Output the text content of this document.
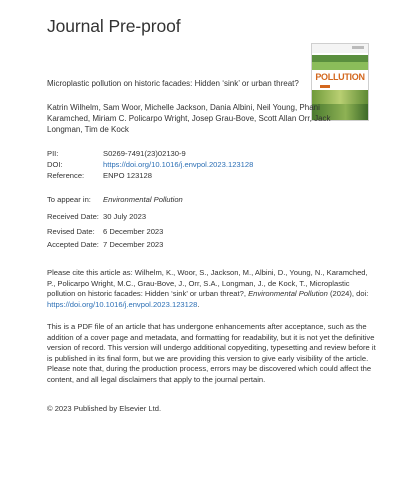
Journal Pre-proof
POLLUTION
Microplastic pollution on historic facades: Hidden ‘sink’ or urban threat?
Katrin Wilhelm, Sam Woor, Michelle Jackson, Dania Albini, Neil Young, Phani Karamched, Miriam C. Policarpo Wright, Josep Grau-Bove, Scott Allan Orr, Jack Longman, Tim de Kock
PII:	S0269-7491(23)02130-9
DOI:	https://doi.org/10.1016/j.envpol.2023.123128
Reference: ENPO 123128
To appear in: Environmental Pollution
Received Date: 30 July 2023
Revised Date: 6 December 2023
Accepted Date: 7 December 2023
Please cite this article as: Wilhelm, K., Woor, S., Jackson, M., Albini, D., Young, N., Karamched, P., Policarpo Wright, M.C., Grau-Bove, J., Orr, S.A., Longman, J., de Kock, T., Microplastic pollution on historic facades: Hidden ‘sink’ or urban threat?, Environmental Pollution (2024), doi: https://doi.org/10.1016/j.envpol.2023.123128.
This is a PDF file of an article that has undergone enhancements after acceptance, such as the addition of a cover page and metadata, and formatting for readability, but it is not yet the definitive version of record. This version will undergo additional copyediting, typesetting and review before it is published in its final form, but we are providing this version to give early visibility of the article. Please note that, during the production process, errors may be discovered which could affect the content, and all legal disclaimers that apply to the journal pertain.
© 2023 Published by Elsevier Ltd.
